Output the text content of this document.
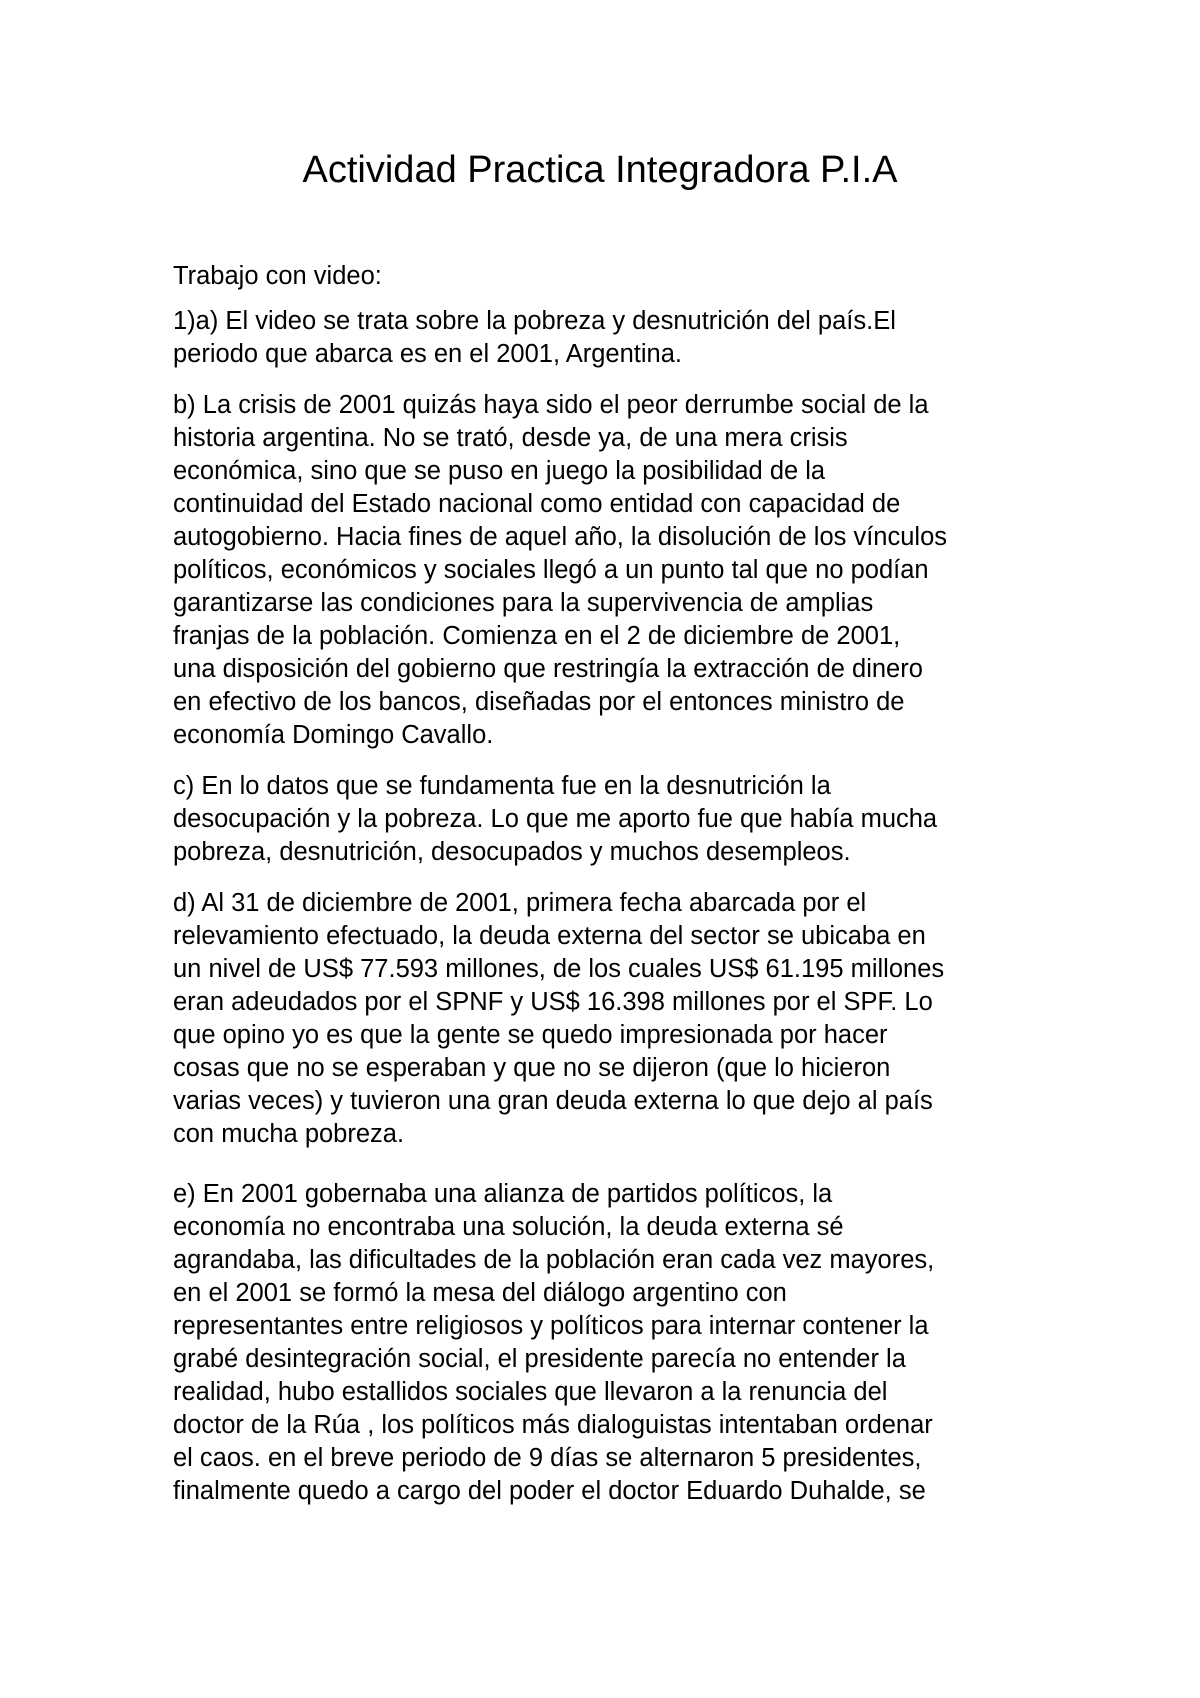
Actividad Practica Integradora P.I.A
Trabajo con video:
1)a) El video se trata sobre la pobreza y desnutrición del país.El
periodo que abarca es en el 2001, Argentina.
b) La crisis de 2001 quizás haya sido el peor derrumbe social de la
historia argentina. No se trató, desde ya, de una mera crisis
económica, sino que se puso en juego la posibilidad de la
continuidad del Estado nacional como entidad con capacidad de
autogobierno. Hacia fines de aquel año, la disolución de los vínculos
políticos, económicos y sociales llegó a un punto tal que no podían
garantizarse las condiciones para la supervivencia de amplias
franjas de la población. Comienza en el 2 de diciembre de 2001,
una disposición del gobierno que restringía la extracción de dinero
en efectivo de los bancos, diseñadas por el entonces ministro de
economía Domingo Cavallo.
c) En lo datos que se fundamenta fue en la desnutrición la
desocupación y la pobreza. Lo que me aporto fue que había mucha
pobreza, desnutrición, desocupados y muchos desempleos.
d) Al 31 de diciembre de 2001, primera fecha abarcada por el
relevamiento efectuado, la deuda externa del sector se ubicaba en
un nivel de US$ 77.593 millones, de los cuales US$ 61.195 millones
eran adeudados por el SPNF y US$ 16.398 millones por el SPF. Lo
que opino yo es que la gente se quedo impresionada por hacer
cosas que no se esperaban y que no se dijeron (que lo hicieron
varias veces) y tuvieron una gran deuda externa lo que dejo al país
con mucha pobreza.
e) En 2001 gobernaba una alianza de partidos políticos, la
economía no encontraba una solución, la deuda externa sé
agrandaba, las dificultades de la población eran cada vez mayores,
en el 2001 se formó la mesa del diálogo argentino con
representantes entre religiosos y políticos para internar contener la
grabé desintegración social, el presidente parecía no entender la
realidad, hubo estallidos sociales que llevaron a la renuncia del
doctor de la Rúa , los políticos más dialoguistas intentaban ordenar
el caos. en el breve periodo de 9 días se alternaron 5 presidentes,
finalmente quedo a cargo del poder el doctor Eduardo Duhalde, se
